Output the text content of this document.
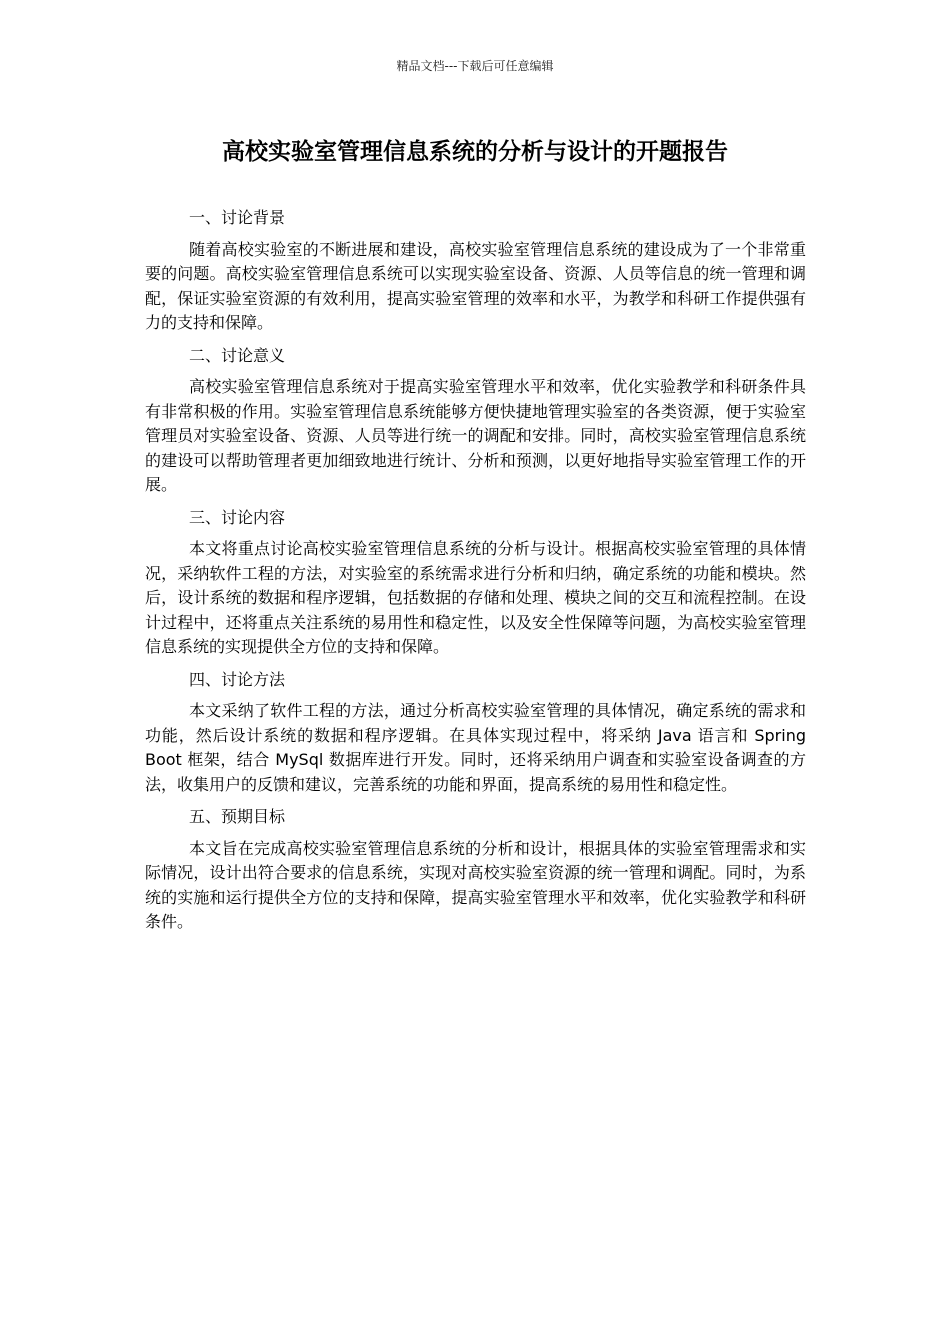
精品文档---下载后可任意编辑
高校实验室管理信息系统的分析与设计的开题报告

一、讨论背景

随着高校实验室的不断进展和建设，高校实验室管理信息系统的建设成为了一个非常重要的问题。高校实验室管理信息系统可以实现实验室设备、资源、人员等信息的统一管理和调配，保证实验室资源的有效利用，提高实验室管理的效率和水平，为教学和科研工作提供强有力的支持和保障。

二、讨论意义

高校实验室管理信息系统对于提高实验室管理水平和效率，优化实验教学和科研条件具有非常积极的作用。实验室管理信息系统能够方便快捷地管理实验室的各类资源，便于实验室管理员对实验室设备、资源、人员等进行统一的调配和安排。同时，高校实验室管理信息系统的建设可以帮助管理者更加细致地进行统计、分析和预测，以更好地指导实验室管理工作的开展。

三、讨论内容

本文将重点讨论高校实验室管理信息系统的分析与设计。根据高校实验室管理的具体情况，采纳软件工程的方法，对实验室的系统需求进行分析和归纳，确定系统的功能和模块。然后，设计系统的数据和程序逻辑，包括数据的存储和处理、模块之间的交互和流程控制。在设计过程中，还将重点关注系统的易用性和稳定性，以及安全性保障等问题，为高校实验室管理信息系统的实现提供全方位的支持和保障。

四、讨论方法

本文采纳了软件工程的方法，通过分析高校实验室管理的具体情况，确定系统的需求和功能，然后设计系统的数据和程序逻辑。在具体实现过程中，将采纳 Java 语言和 Spring Boot 框架，结合 MySql 数据库进行开发。同时，还将采纳用户调查和实验室设备调查的方法，收集用户的反馈和建议，完善系统的功能和界面，提高系统的易用性和稳定性。

五、预期目标

本文旨在完成高校实验室管理信息系统的分析和设计，根据具体的实验室管理需求和实际情况，设计出符合要求的信息系统，实现对高校实验室资源的统一管理和调配。同时，为系统的实施和运行提供全方位的支持和保障，提高实验室管理水平和效率，优化实验教学和科研条件。
